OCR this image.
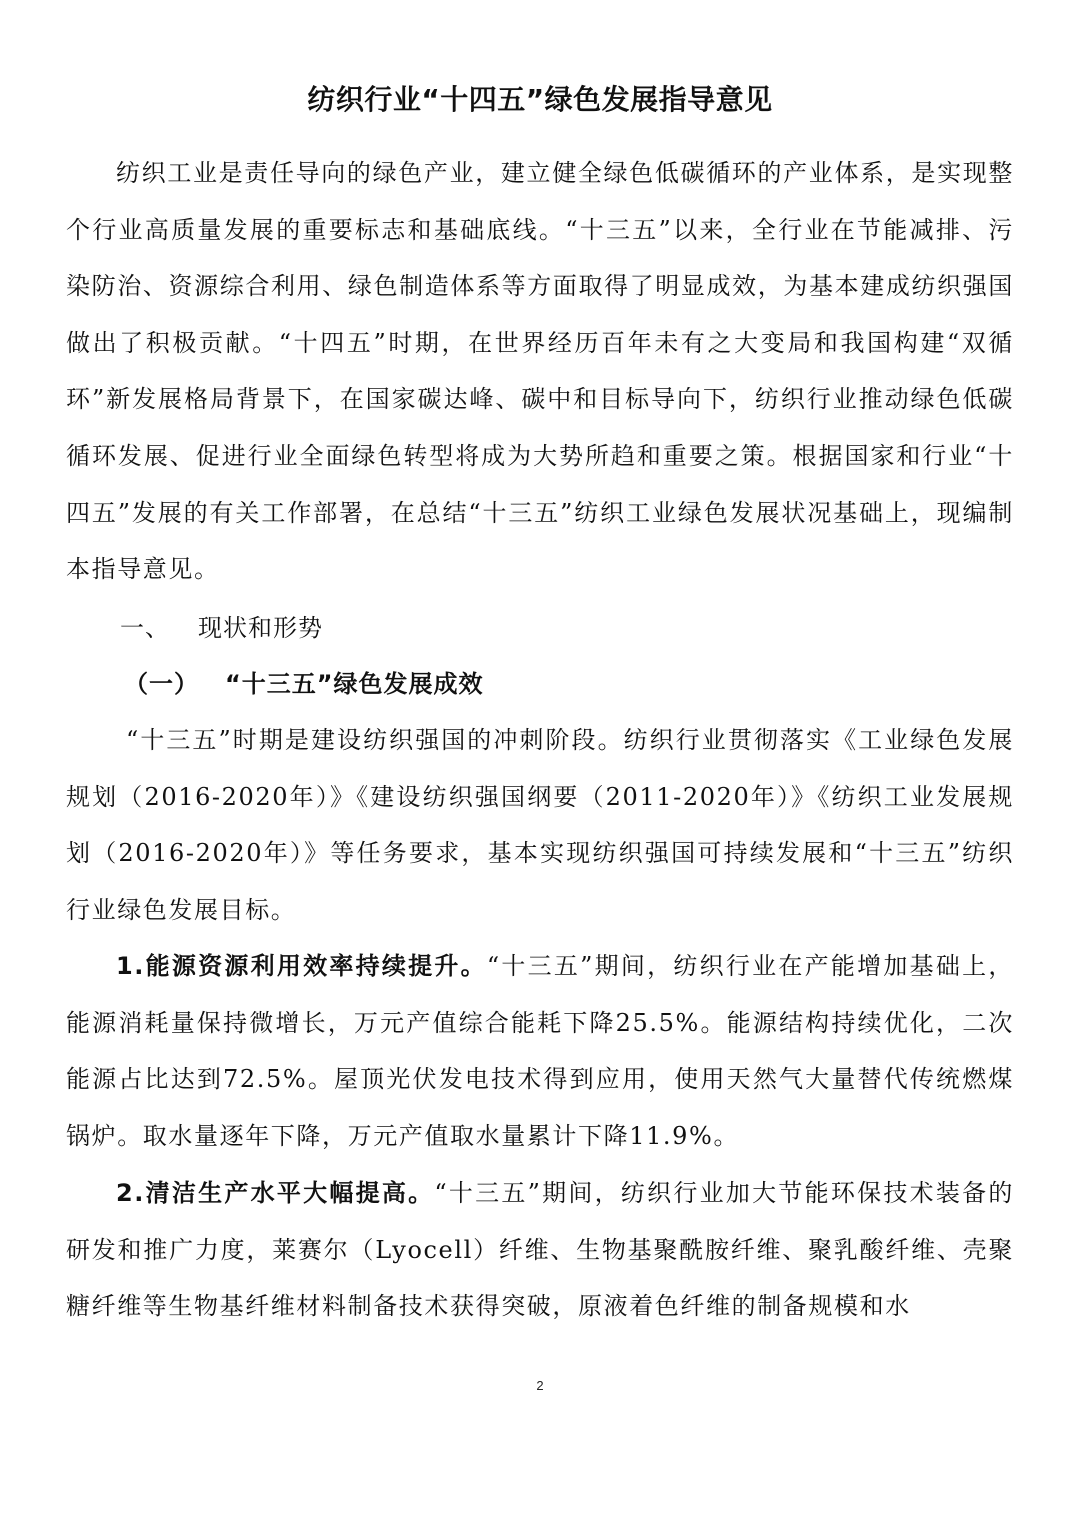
纺织行业“十四五”绿色发展指导意见

纺织工业是责任导向的绿色产业，建立健全绿色低碳循环的产业体系，是实现整个行业高质量发展的重要标志和基础底线。“十三五”以来，全行业在节能减排、污染防治、资源综合利用、绿色制造体系等方面取得了明显成效，为基本建成纺织强国做出了积极贡献。“十四五”时期，在世界经历百年未有之大变局和我国构建“双循环”新发展格局背景下，在国家碳达峰、碳中和目标导向下，纺织行业推动绿色低碳循环发展、促进行业全面绿色转型将成为大势所趋和重要之策。根据国家和行业“十四五”发展的有关工作部署，在总结“十三五”纺织工业绿色发展状况基础上，现编制本指导意见。

一、 现状和形势
（一） “十三五”绿色发展成效

“十三五”时期是建设纺织强国的冲刺阶段。纺织行业贯彻落实《工业绿色发展规划（2016-2020年）》《建设纺织强国纲要（2011-2020年）》《纺织工业发展规划（2016-2020年）》等任务要求，基本实现纺织强国可持续发展和“十三五”纺织行业绿色发展目标。

1.能源资源利用效率持续提升。“十三五”期间，纺织行业在产能增加基础上，能源消耗量保持微增长，万元产值综合能耗下降25.5%。能源结构持续优化，二次能源占比达到72.5%。屋顶光伏发电技术得到应用，使用天然气大量替代传统燃煤锅炉。取水量逐年下降，万元产值取水量累计下降11.9%。

2.清洁生产水平大幅提高。“十三五”期间，纺织行业加大节能环保技术装备的研发和推广力度，莱赛尔（Lyocell）纤维、生物基聚酰胺纤维、聚乳酸纤维、壳聚糖纤维等生物基纤维材料制备技术获得突破，原液着色纤维的制备规模和水

2
